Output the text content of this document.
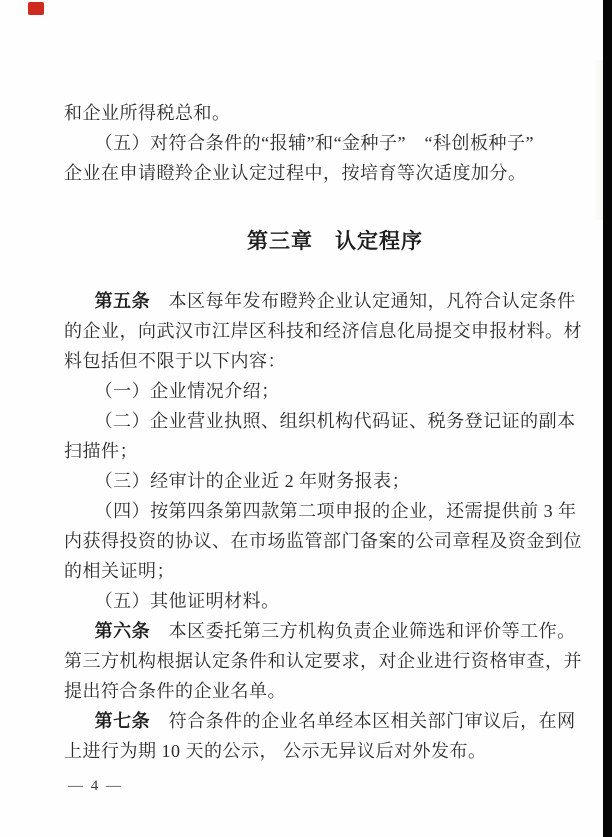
和企业所得税总和。

（五）对符合条件的“报辅”和“金种子”　“科创板种子”

企业在申请瞪羚企业认定过程中，按培育等次适度加分。

第三章　认定程序

第五条　本区每年发布瞪羚企业认定通知，凡符合认定条件

的企业，向武汉市江岸区科技和经济信息化局提交申报材料。材

料包括但不限于以下内容：

（一）企业情况介绍；

（二）企业营业执照、组织机构代码证、税务登记证的副本

扫描件；

（三）经审计的企业近 2 年财务报表；

（四）按第四条第四款第二项申报的企业，还需提供前 3 年

内获得投资的协议、在市场监管部门备案的公司章程及资金到位

的相关证明；

（五）其他证明材料。

第六条　本区委托第三方机构负责企业筛选和评价等工作。

第三方机构根据认定条件和认定要求，对企业进行资格审查，并

提出符合条件的企业名单。

第七条　符合条件的企业名单经本区相关部门审议后，在网

上进行为期 10 天的公示， 公示无异议后对外发布。

— 4 —
